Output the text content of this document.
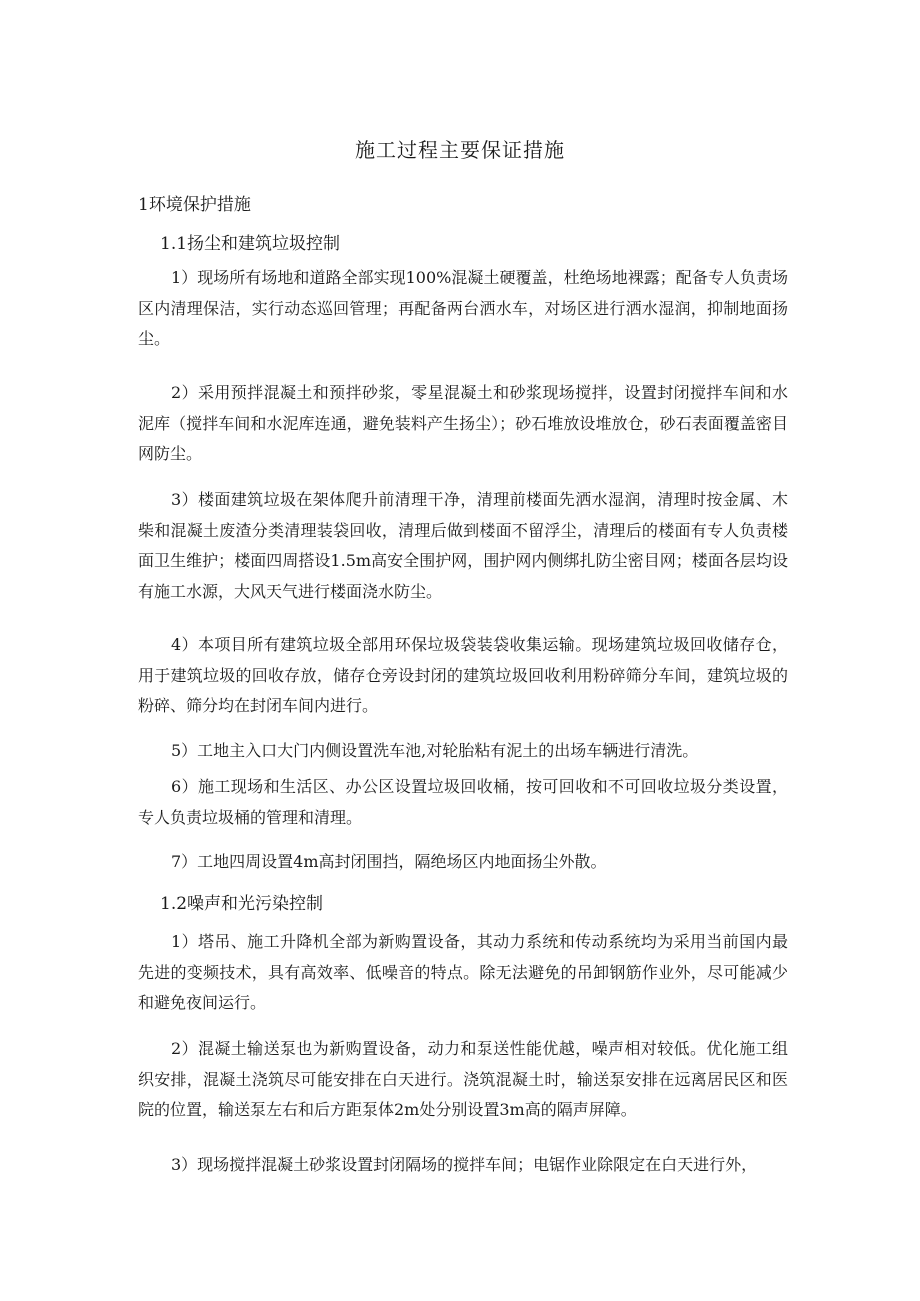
施工过程主要保证措施
1环境保护措施
1.1扬尘和建筑垃圾控制

1）现场所有场地和道路全部实现100%混凝土硬覆盖，杜绝场地裸露；配备专人负责场区内清理保洁，实行动态巡回管理；再配备两台洒水车，对场区进行洒水湿润，抑制地面扬尘。

2）采用预拌混凝土和预拌砂浆，零星混凝土和砂浆现场搅拌，设置封闭搅拌车间和水泥库（搅拌车间和水泥库连通，避免装料产生扬尘）；砂石堆放设堆放仓，砂石表面覆盖密目网防尘。

3）楼面建筑垃圾在架体爬升前清理干净，清理前楼面先洒水湿润，清理时按金属、木柴和混凝土废渣分类清理装袋回收，清理后做到楼面不留浮尘，清理后的楼面有专人负责楼面卫生维护；楼面四周搭设1.5m高安全围护网，围护网内侧绑扎防尘密目网；楼面各层均设有施工水源，大风天气进行楼面浇水防尘。

4）本项目所有建筑垃圾全部用环保垃圾袋装袋收集运输。现场建筑垃圾回收储存仓，用于建筑垃圾的回收存放，储存仓旁设封闭的建筑垃圾回收利用粉碎筛分车间，建筑垃圾的粉碎、筛分均在封闭车间内进行。

5）工地主入口大门内侧设置洗车池,对轮胎粘有泥土的出场车辆进行清洗。

6）施工现场和生活区、办公区设置垃圾回收桶，按可回收和不可回收垃圾分类设置，专人负责垃圾桶的管理和清理。

7）工地四周设置4m高封闭围挡，隔绝场区内地面扬尘外散。

1.2噪声和光污染控制

1）塔吊、施工升降机全部为新购置设备，其动力系统和传动系统均为采用当前国内最先进的变频技术，具有高效率、低噪音的特点。除无法避免的吊卸钢筋作业外，尽可能减少和避免夜间运行。

2）混凝土输送泵也为新购置设备，动力和泵送性能优越，噪声相对较低。优化施工组织安排，混凝土浇筑尽可能安排在白天进行。浇筑混凝土时，输送泵安排在远离居民区和医院的位置，输送泵左右和后方距泵体2m处分别设置3m高的隔声屏障。

3）现场搅拌混凝土砂浆设置封闭隔场的搅拌车间；电锯作业除限定在白天进行外，
